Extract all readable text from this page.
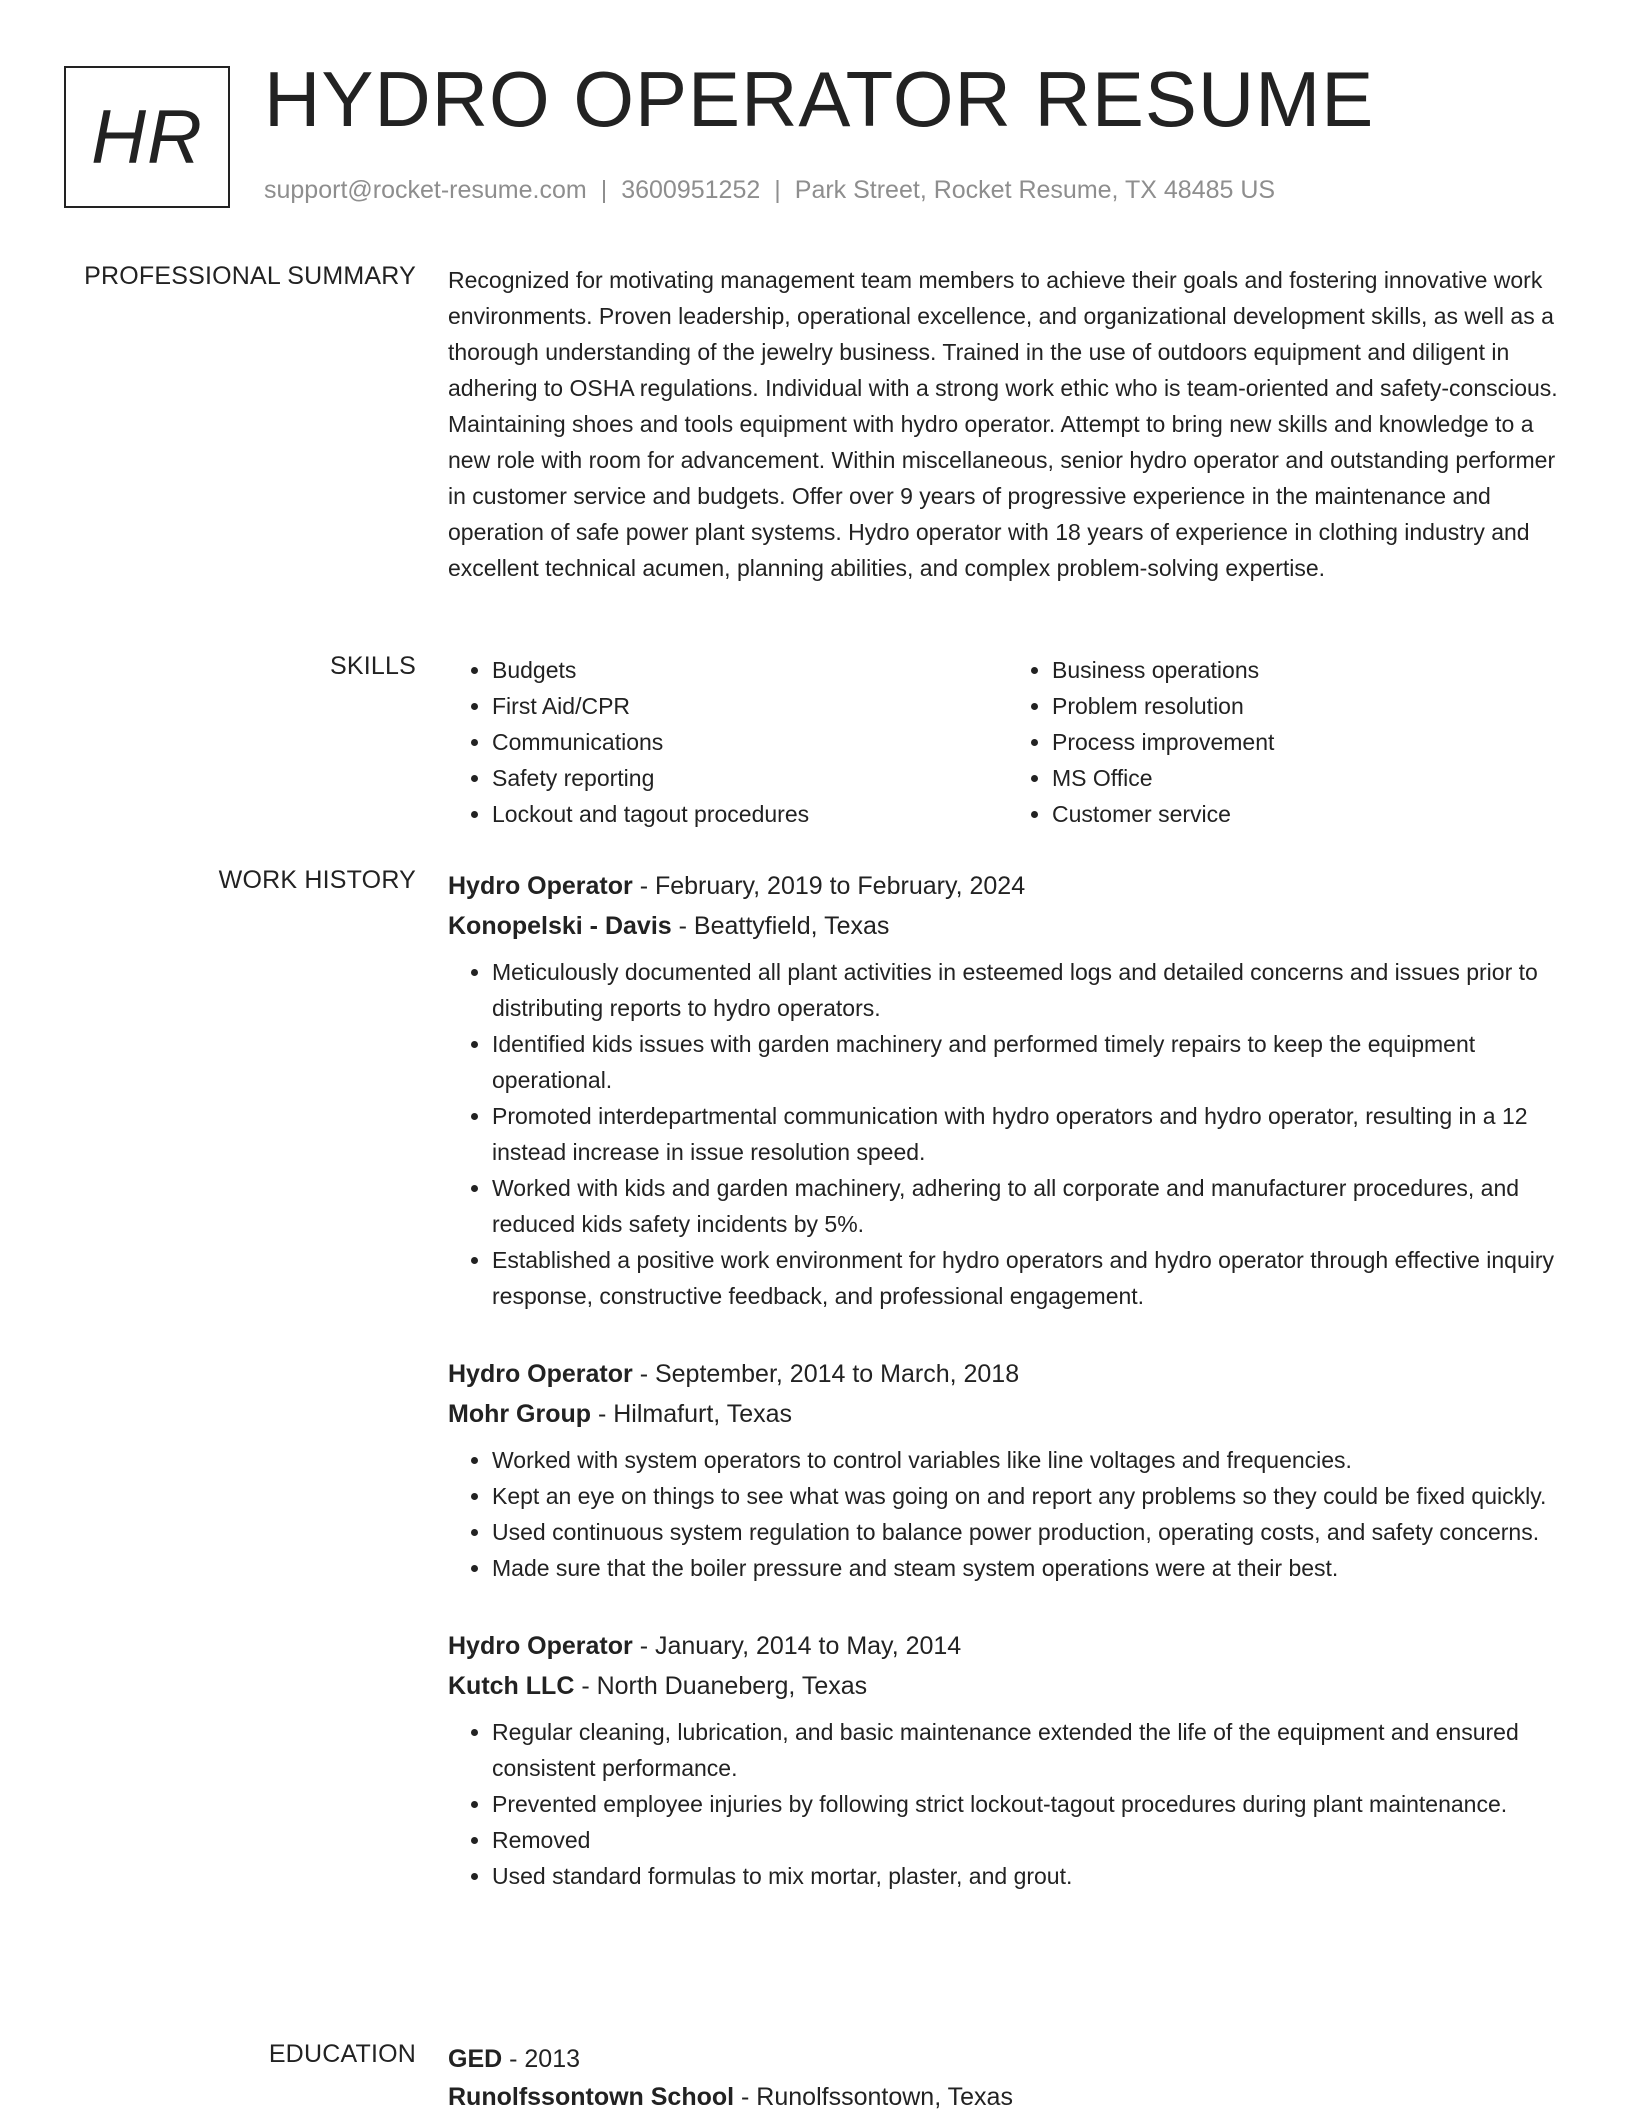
HR HYDRO OPERATOR RESUME
support@rocket-resume.com | 3600951252 | Park Street, Rocket Resume, TX 48485 US
PROFESSIONAL SUMMARY Recognized for motivating management team members to achieve their goals and fostering innovative work environments. Proven leadership, operational excellence, and organizational development skills, as well as a thorough understanding of the jewelry business. Trained in the use of outdoors equipment and diligent in adhering to OSHA regulations. Individual with a strong work ethic who is team-oriented and safety-conscious. Maintaining shoes and tools equipment with hydro operator. Attempt to bring new skills and knowledge to a new role with room for advancement. Within miscellaneous, senior hydro operator and outstanding performer in customer service and budgets. Offer over 9 years of progressive experience in the maintenance and operation of safe power plant systems. Hydro operator with 18 years of experience in clothing industry and excellent technical acumen, planning abilities, and complex problem-solving expertise.

SKILLS
•	Budgets
• First Aid/CPR
• Communications
• Safety reporting
• Lockout and tagout procedures
• Business operations
• Problem resolution
• Process improvement
• MS Office
• Customer service
WORK HISTORY Hydro Operator - February, 2019 to February, 2024
Konopelski - Davis - Beattyfield, Texas
• Meticulously documented all plant activities in esteemed logs and detailed concerns and issues prior to distributing reports to hydro operators.
• Identified kids issues with garden machinery and performed timely repairs to keep the equipment operational.
• Promoted interdepartmental communication with hydro operators and hydro operator, resulting in a 12 instead increase in issue resolution speed.
• Worked with kids and garden machinery, adhering to all corporate and manufacturer procedures, and reduced kids safety incidents by 5%.
• Established a positive work environment for hydro operators and hydro operator through effective inquiry response, constructive feedback, and professional engagement.
Hydro Operator - September, 2014 to March, 2018
Mohr Group - Hilmafurt, Texas
• Worked with system operators to control variables like line voltages and frequencies.
• Kept an eye on things to see what was going on and report any problems so they could be fixed quickly.
• Used continuous system regulation to balance power production, operating costs, and safety concerns.
• Made sure that the boiler pressure and steam system operations were at their best.
Hydro Operator - January, 2014 to May, 2014
Kutch LLC - North Duaneberg, Texas
• Regular cleaning, lubrication, and basic maintenance extended the life of the equipment and ensured consistent performance.
• Prevented employee injuries by following strict lockout-tagout procedures during plant maintenance.
• Removed
• Used standard formulas to mix mortar, plaster, and grout.
EDUCATION GED - 2013
Runolfssontown School - Runolfssontown, Texas
